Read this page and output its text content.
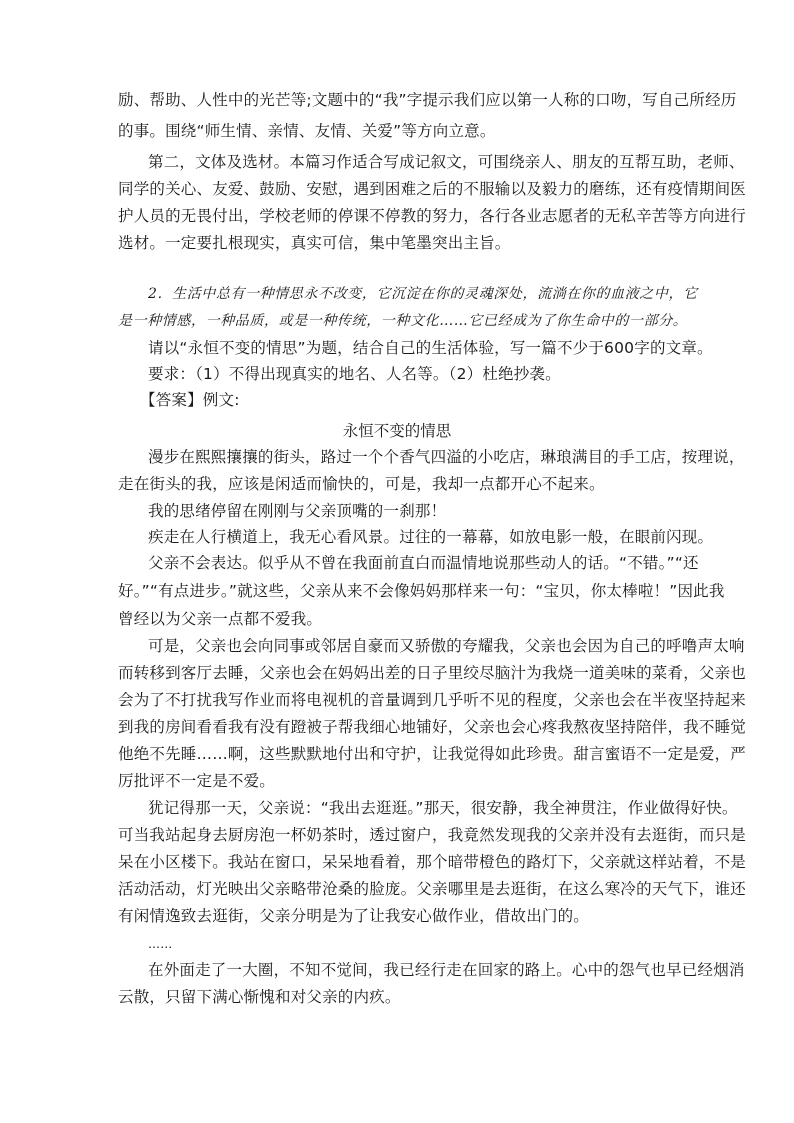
励、帮助、人性中的光芒等;文题中的“我”字提示我们应以第一人称的口吻，写自己所经历
的事。围绕“师生情、亲情、友情、关爱”等方向立意。
第二，文体及选材。本篇习作适合写成记叙文，可围绕亲人、朋友的互帮互助，老师、
同学的关心、友爱、鼓励、安慰，遇到困难之后的不服输以及毅力的磨练，还有疫情期间医
护人员的无畏付出，学校老师的停课不停教的努力，各行各业志愿者的无私辛苦等方向进行
选材。一定要扎根现实，真实可信，集中笔墨突出主旨。
2．生活中总有一种情思永不改变，它沉淀在你的灵魂深处，流淌在你的血液之中，它
是一种情感，一种品质，或是一种传统，一种文化……它已经成为了你生命中的一部分。
请以“永恒不变的情思”为题，结合自己的生活体验，写一篇不少于600字的文章。
要求：（1）不得出现真实的地名、人名等。（2）杜绝抄袭。
【答案】例文:
永恒不变的情思
漫步在熙熙攘攘的街头，路过一个个香气四溢的小吃店，琳琅满目的手工店，按理说，
走在街头的我，应该是闲适而愉快的，可是，我却一点都开心不起来。
我的思绪停留在刚刚与父亲顶嘴的一刹那！
疾走在人行横道上，我无心看风景。过往的一幕幕，如放电影一般，在眼前闪现。
父亲不会表达。似乎从不曾在我面前直白而温情地说那些动人的话。“不错。”“还
好。”“有点进步。”就这些，父亲从来不会像妈妈那样来一句：“宝贝，你太棒啦！”因此我
曾经以为父亲一点都不爱我。
可是，父亲也会向同事或邻居自豪而又骄傲的夸耀我，父亲也会因为自己的呼噜声太响
而转移到客厅去睡，父亲也会在妈妈出差的日子里绞尽脑汁为我烧一道美味的菜肴，父亲也
会为了不打扰我写作业而将电视机的音量调到几乎听不见的程度，父亲也会在半夜坚持起来
到我的房间看看我有没有蹬被子帮我细心地铺好，父亲也会心疼我熬夜坚持陪伴，我不睡觉
他绝不先睡……啊，这些默默地付出和守护，让我觉得如此珍贵。甜言蜜语不一定是爱，严
厉批评不一定是不爱。
犹记得那一天，父亲说：“我出去逛逛。”那天，很安静，我全神贯注，作业做得好快。
可当我站起身去厨房泡一杯奶茶时，透过窗户，我竟然发现我的父亲并没有去逛街，而只是
呆在小区楼下。我站在窗口，呆呆地看着，那个暗带橙色的路灯下，父亲就这样站着，不是
活动活动，灯光映出父亲略带沧桑的脸庞。父亲哪里是去逛街，在这么寒冷的天气下，谁还
有闲情逸致去逛街，父亲分明是为了让我安心做作业，借故出门的。
……
在外面走了一大圈，不知不觉间，我已经行走在回家的路上。心中的怨气也早已经烟消
云散，只留下满心惭愧和对父亲的内疚。
